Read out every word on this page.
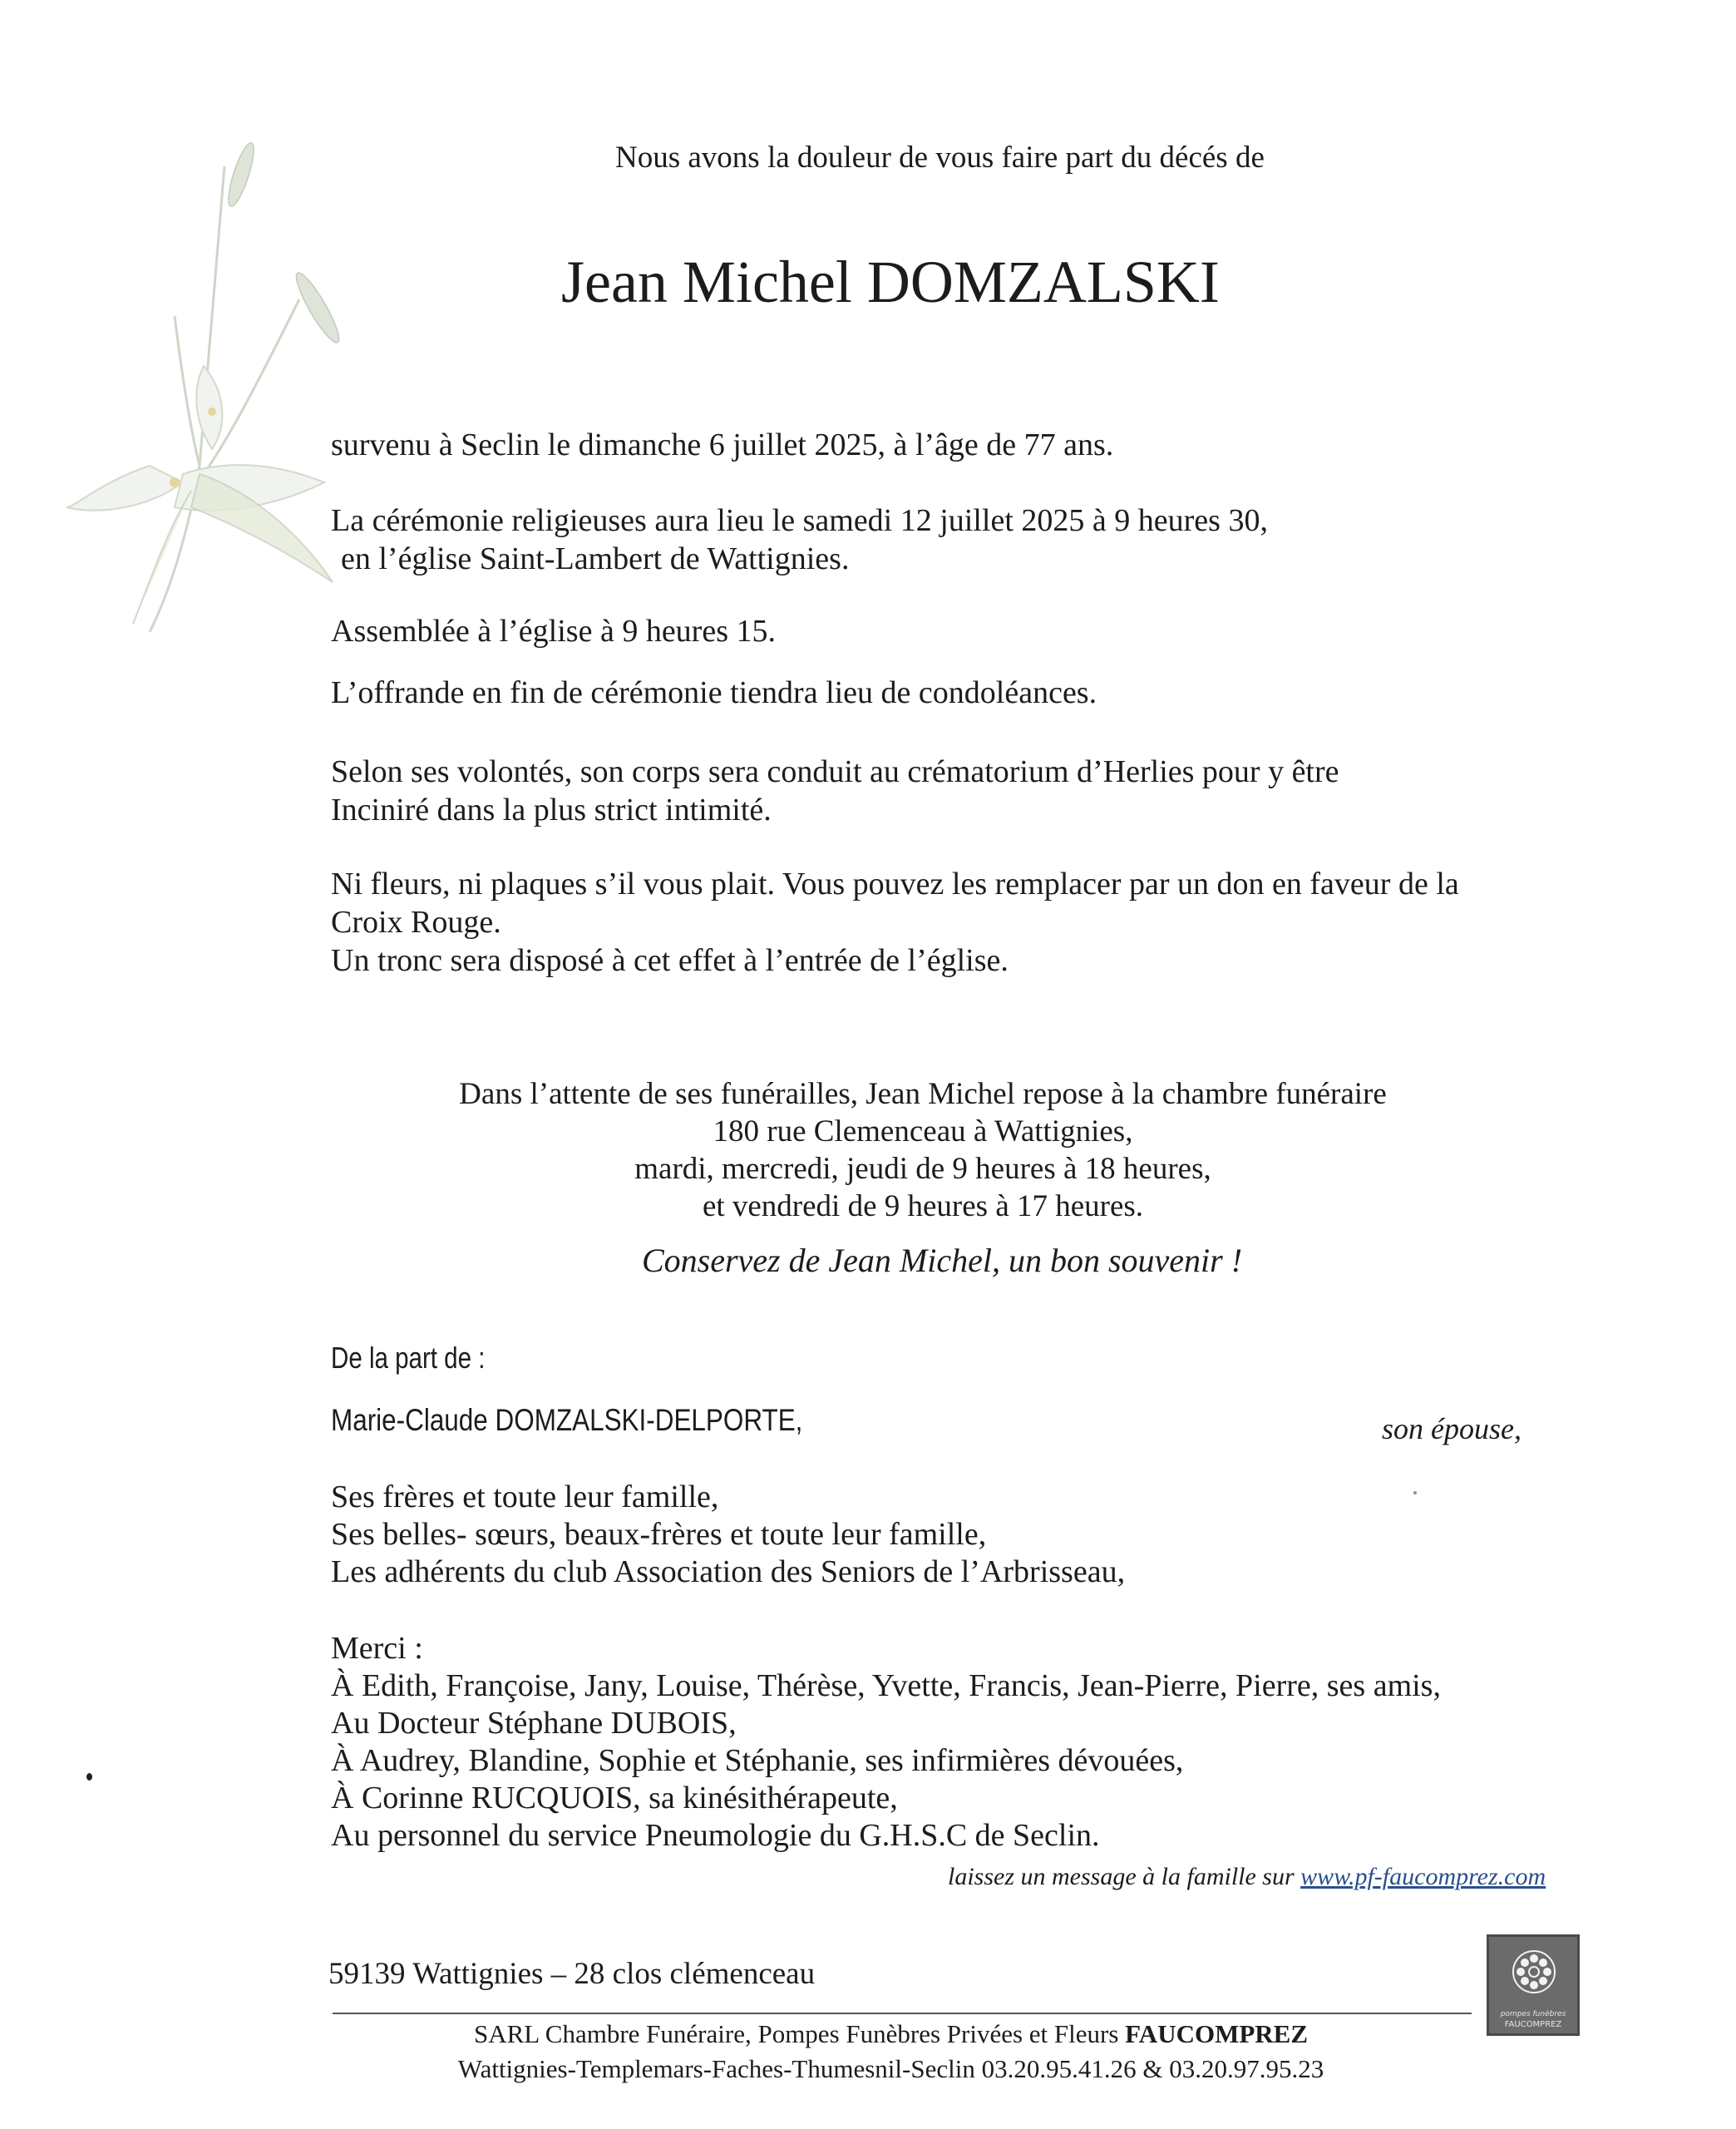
Nous avons la douleur de vous faire part du décés de
Jean Michel DOMZALSKI
survenu à Seclin le dimanche 6 juillet 2025, à l’âge de 77 ans.
La cérémonie religieuses aura lieu le samedi 12 juillet 2025 à 9 heures 30,
en l’église Saint-Lambert de Wattignies.
Assemblée à l’église à 9 heures 15.
L’offrande en fin de cérémonie tiendra lieu de condoléances.
Selon ses volontés, son corps sera conduit au crématorium d’Herlies pour y être
Inciniré dans la plus strict intimité.
Ni fleurs, ni plaques s’il vous plait. Vous pouvez les remplacer par un don en faveur de la
Croix Rouge.
Un tronc sera disposé à cet effet à l’entrée de l’église.
Dans l’attente de ses funérailles, Jean Michel repose à la chambre funéraire
180 rue Clemenceau à Wattignies,
mardi, mercredi, jeudi de 9 heures à 18 heures,
et vendredi de 9 heures à 17 heures.
Conservez de Jean Michel, un bon souvenir !
De la part de :
Marie-Claude DOMZALSKI-DELPORTE,	son épouse,
Ses frères et toute leur famille,
Ses belles- sœurs, beaux-frères et toute leur famille,
Les adhérents du club Association des Seniors de l’Arbrisseau,
Merci :
À Edith, Françoise, Jany, Louise, Thérèse, Yvette, Francis, Jean-Pierre, Pierre, ses amis,
Au Docteur Stéphane DUBOIS,
À Audrey, Blandine, Sophie et Stéphanie, ses infirmières dévouées,
À Corinne RUCQUOIS, sa kinésithérapeute,
Au personnel du service Pneumologie du G.H.S.C de Seclin.
laissez un message à la famille sur www.pf-faucomprez.com
59139 Wattignies – 28 clos clémenceau
SARL Chambre Funéraire, Pompes Funèbres Privées et Fleurs FAUCOMPREZ
Wattignies-Templemars-Faches-Thumesnil-Seclin 03.20.95.41.26 & 03.20.97.95.23
pompes funèbres
FAUCOMPREZ
